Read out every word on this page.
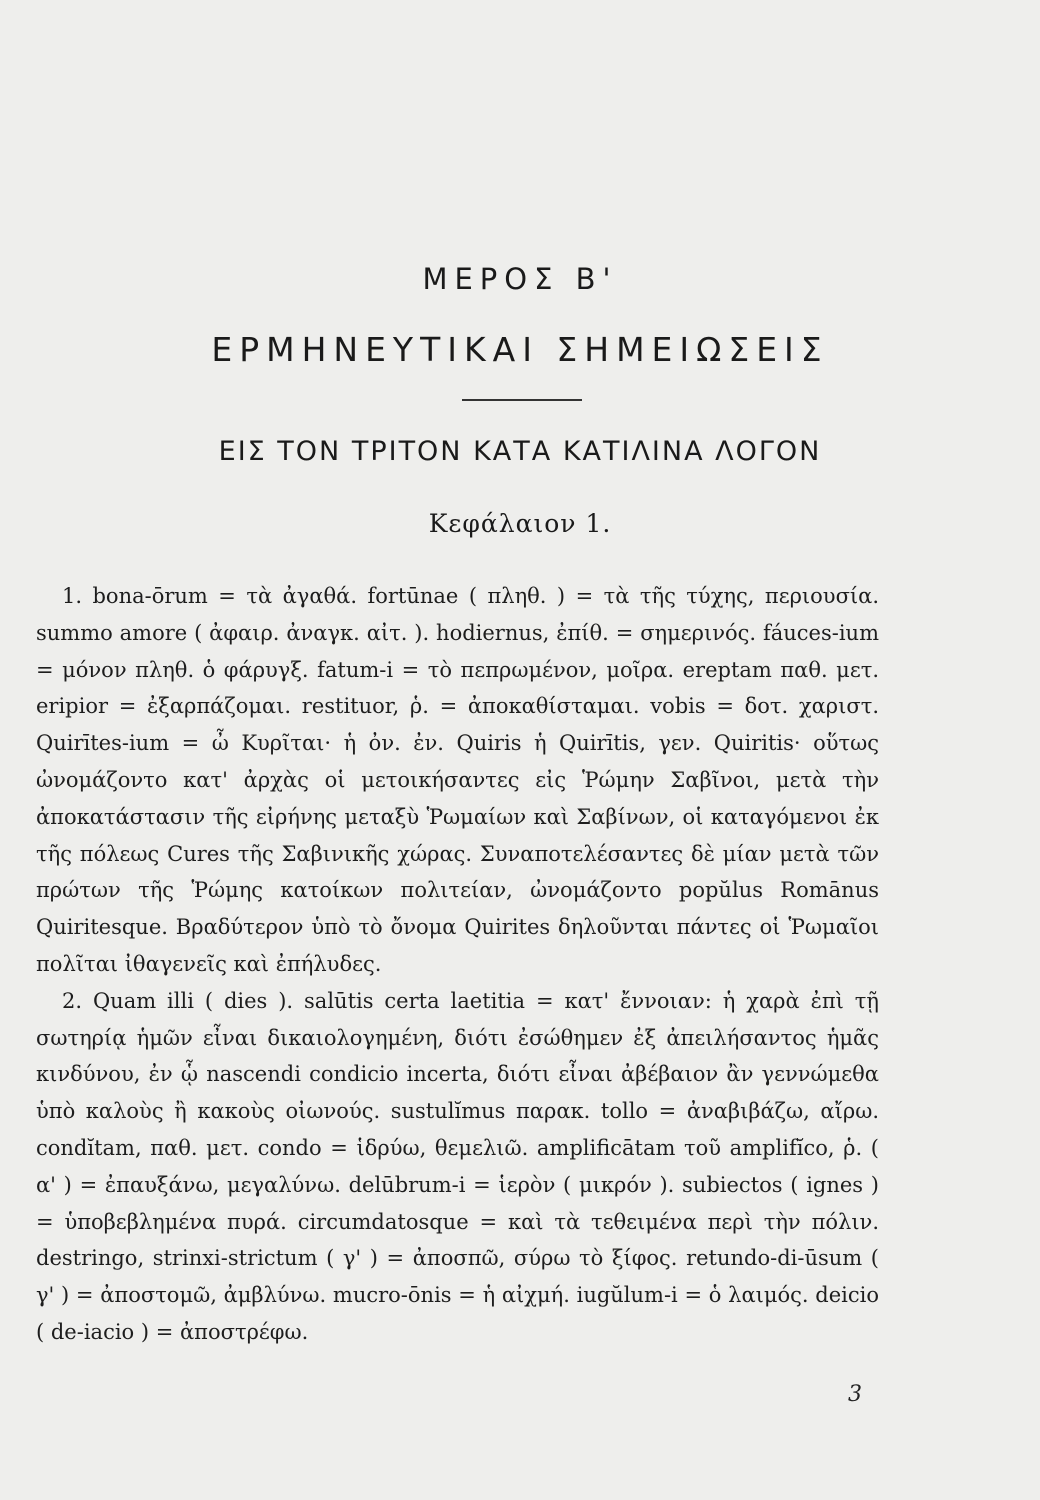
ΜΕΡΟΣ Β'
ΕΡΜΗΝΕΥΤΙΚΑΙ ΣΗΜΕΙΩΣΕΙΣ
ΕΙΣ ΤΟΝ ΤΡΙΤΟΝ ΚΑΤΑ ΚΑΤΙΛΙΝΑ ΛΟΓΟΝ
Κεφάλαιον 1.

1. bona-ōrum = τὰ ἀγαθά. fortūnae ( πληθ. ) = τὰ τῆς τύχης, περιουσία. summo amore ( ἀφαιρ. ἀναγκ. αἰτ. ). hodiernus, ἐπίθ. = σημερινός. fáuces-ium = μόνον πληθ. ὁ φάρυγξ. fatum-i = τὸ πεπρωμένον, μοῖρα. ereptam παθ. μετ. eripior = ἐξαρπάζομαι. restituor, ῥ. = ἀποκαθίσταμαι. vobis = δοτ. χαριστ. Quirītes-ium = ὦ Κυρῖται· ἡ ὀν. ἐν. Quiris ἡ Quirītis, γεν. Quiritis· οὕτως ὠνομάζοντο κατ' ἀρχὰς οἱ μετοικήσαντες εἰς Ῥώμην Σαβῖνοι, μετὰ τὴν ἀποκατάστασιν τῆς εἰρήνης μεταξὺ Ῥωμαίων καὶ Σαβίνων, οἱ καταγόμενοι ἐκ τῆς πόλεως Cures τῆς Σαβινικῆς χώρας. Συναποτελέσαντες δὲ μίαν μετὰ τῶν πρώτων τῆς Ῥώμης κατοίκων πολιτείαν, ὠνομάζοντο popŭlus Romānus Quiritesque. Βραδύτερον ὑπὸ τὸ ὄνομα Quirites δηλοῦνται πάντες οἱ Ῥωμαῖοι πολῖται ἰθαγενεῖς καὶ ἐπήλυδες.

2. Quam illi ( dies ). salūtis certa laetitia = κατ' ἔννοιαν: ἡ χαρὰ ἐπὶ τῇ σωτηρίᾳ ἡμῶν εἶναι δικαιολογημένη, διότι ἐσώθημεν ἐξ ἀπειλήσαντος ἡμᾶς κινδύνου, ἐν ᾧ nascendi condicio incerta, διότι εἶναι ἀβέβαιον ἂν γεννώμεθα ὑπὸ καλοὺς ἢ κακοὺς οἰωνούς. sustulĭmus παρακ. tollo = ἀναβιβάζω, αἴρω. condĭtam, παθ. μετ. condo = ἱδρύω, θεμελιῶ. amplificātam τοῦ amplifĭco, ῥ. ( α' ) = ἐπαυξάνω, μεγαλύνω. delūbrum-i = ἱερὸν ( μικρόν ). subiectos ( ignes ) = ὑποβεβλημένα πυρά. circumdatosque = καὶ τὰ τεθειμένα περὶ τὴν πόλιν. destringo, strinxi-strictum ( γ' ) = ἀποσπῶ, σύρω τὸ ξίφος. retundo-di-ūsum ( γ' ) = ἀποστομῶ, ἀμβλύνω. mucro-ōnis = ἡ αἰχμή. iugŭlum-i = ὁ λαιμός. deicio ( de-iacio ) = ἀποστρέφω.

3
